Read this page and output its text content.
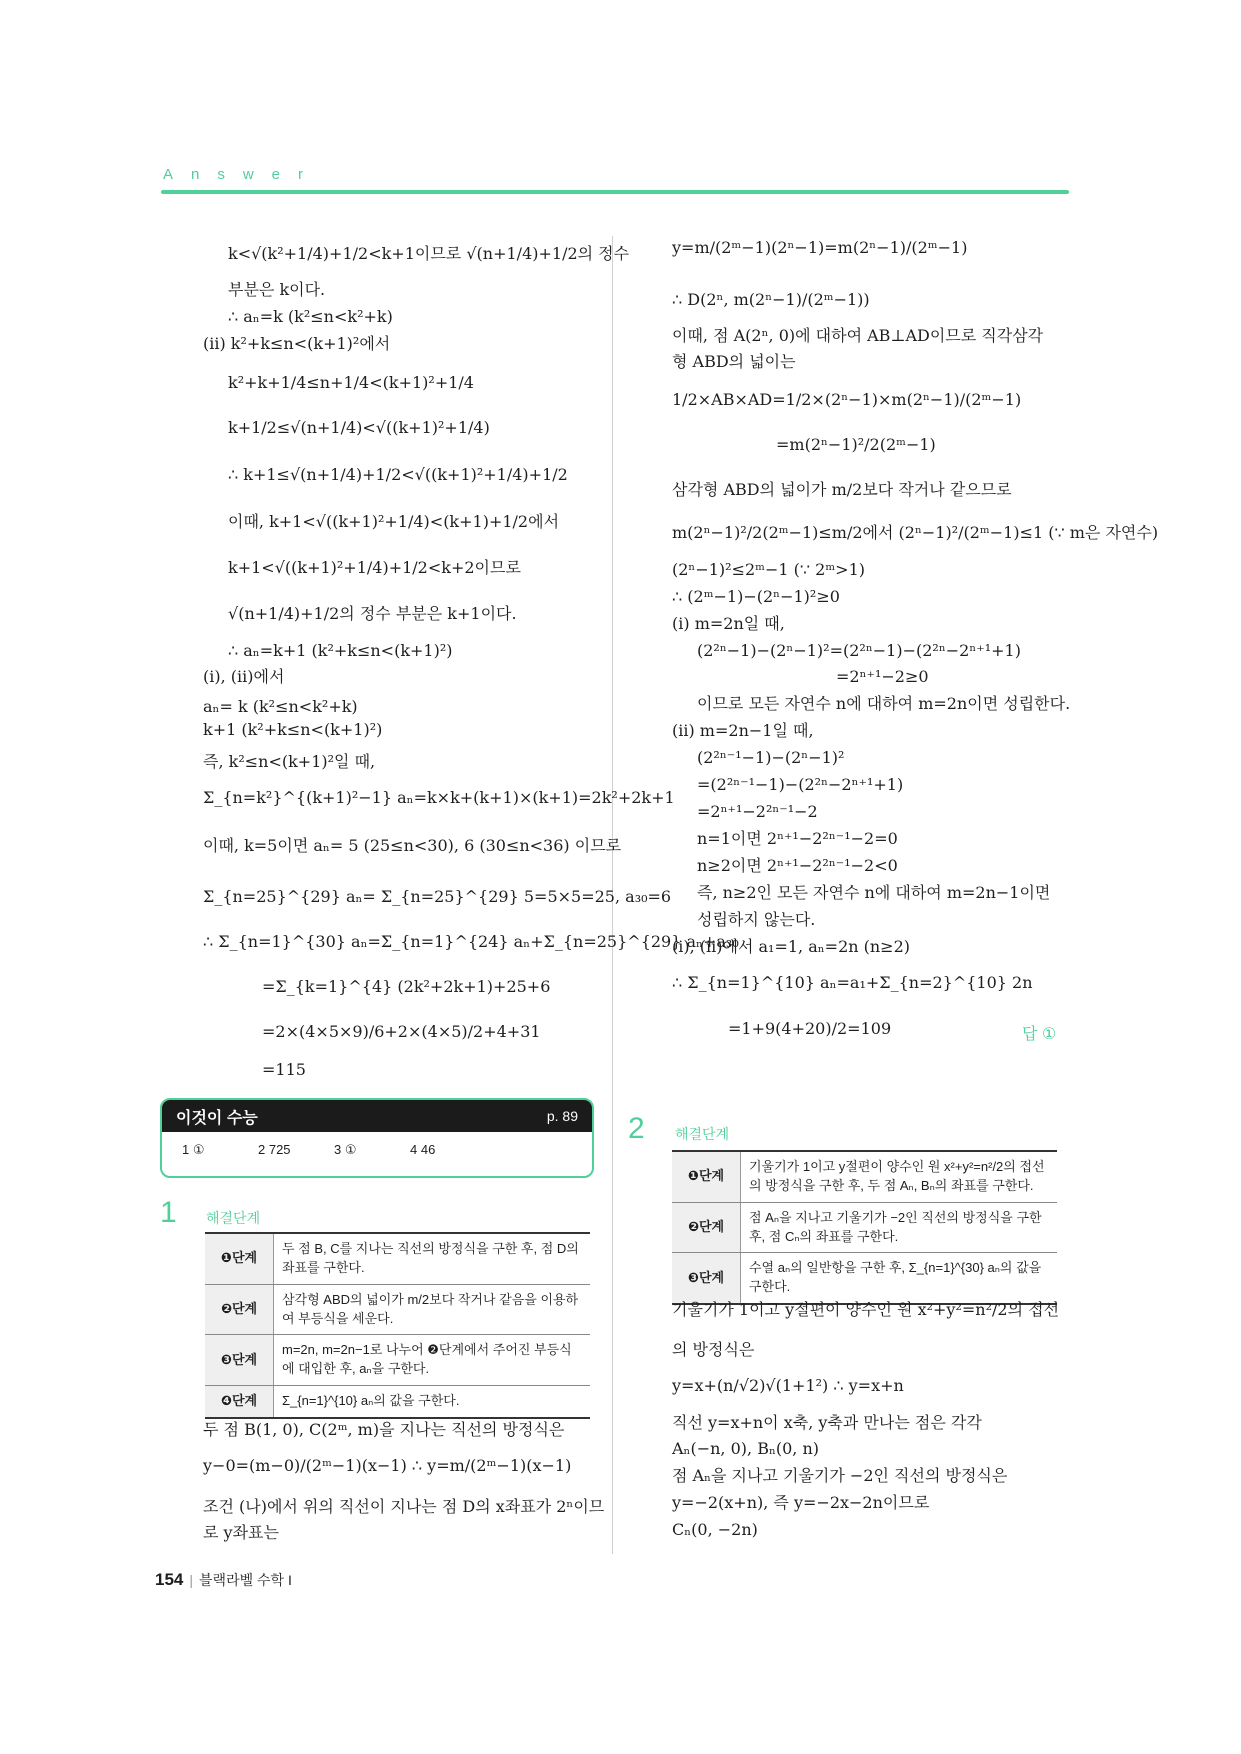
Answer
k<√(k²+1/4)+1/2<k+1이므로 √(n+1/4)+1/2의 정수
부분은 k이다.
∴ aₙ=k (k²≤n<k²+k)
(ii) k²+k≤n<(k+1)²에서
k²+k+1/4≤n+1/4<(k+1)²+1/4
k+1/2≤√(n+1/4)<√((k+1)²+1/4)
∴ k+1≤√(n+1/4)+1/2<√((k+1)²+1/4)+1/2
이때, k+1<√((k+1)²+1/4)<(k+1)+1/2에서
k+1<√((k+1)²+1/4)+1/2<k+2이므로
√(n+1/4)+1/2의 정수 부분은 k+1이다.
∴ aₙ=k+1 (k²+k≤n<(k+1)²)
(i), (ii)에서
aₙ= k (k²≤n<k²+k)
k+1 (k²+k≤n<(k+1)²)
즉, k²≤n<(k+1)²일 때,
Σ_{n=k²}^{(k+1)²−1} aₙ=k×k+(k+1)×(k+1)=2k²+2k+1
이때, k=5이면 aₙ= 5 (25≤n<30), 6 (30≤n<36) 이므로
Σ_{n=25}^{29} aₙ= Σ_{n=25}^{29} 5=5×5=25, a₃₀=6
∴ Σ_{n=1}^{30} aₙ=Σ_{n=1}^{24} aₙ+Σ_{n=25}^{29} aₙ+a₃₀
=Σ_{k=1}^{4} (2k²+2k+1)+25+6
=2×(4×5×9)/6+2×(4×5)/2+4+31
=115
이것이 수능	p. 89
1 ①	2 725	3 ①	4 46
1 해결단계
❶단계	두 점 B, C를 지나는 직선의 방정식을 구한 후, 점 D의 좌표를 구한다.
❷단계	삼각형 ABD의 넓이가 m/2보다 작거나 같음을 이용하여 부등식을 세운다.
❸단계	m=2n, m=2n−1로 나누어 ❷단계에서 주어진 부등식에 대입한 후, aₙ을 구한다.
❹단계	Σ_{n=1}^{10} aₙ의 값을 구한다.
두 점 B(1, 0), C(2ᵐ, m)을 지나는 직선의 방정식은
y−0=(m−0)/(2ᵐ−1)(x−1) ∴ y=m/(2ᵐ−1)(x−1)
조건 (나)에서 위의 직선이 지나는 점 D의 x좌표가 2ⁿ이므
로 y좌표는
y=m/(2ᵐ−1)(2ⁿ−1)=m(2ⁿ−1)/(2ᵐ−1)
∴ D(2ⁿ, m(2ⁿ−1)/(2ᵐ−1))
이때, 점 A(2ⁿ, 0)에 대하여 AB⊥AD이므로 직각삼각
형 ABD의 넓이는
1/2×AB×AD=1/2×(2ⁿ−1)×m(2ⁿ−1)/(2ᵐ−1)
=m(2ⁿ−1)²/2(2ᵐ−1)
삼각형 ABD의 넓이가 m/2보다 작거나 같으므로
m(2ⁿ−1)²/2(2ᵐ−1)≤m/2에서 (2ⁿ−1)²/(2ᵐ−1)≤1 (∵ m은 자연수)
(2ⁿ−1)²≤2ᵐ−1 (∵ 2ᵐ>1)
∴ (2ᵐ−1)−(2ⁿ−1)²≥0
(i) m=2n일 때,
(2²ⁿ−1)−(2ⁿ−1)²=(2²ⁿ−1)−(2²ⁿ−2ⁿ⁺¹+1)
=2ⁿ⁺¹−2≥0
이므로 모든 자연수 n에 대하여 m=2n이면 성립한다.
(ii) m=2n−1일 때,
(2²ⁿ⁻¹−1)−(2ⁿ−1)²
=(2²ⁿ⁻¹−1)−(2²ⁿ−2ⁿ⁺¹+1)
=2ⁿ⁺¹−2²ⁿ⁻¹−2
n=1이면 2ⁿ⁺¹−2²ⁿ⁻¹−2=0
n≥2이면 2ⁿ⁺¹−2²ⁿ⁻¹−2<0
즉, n≥2인 모든 자연수 n에 대하여 m=2n−1이면
성립하지 않는다.
(i), (ii)에서 a₁=1, aₙ=2n (n≥2)
∴ Σ_{n=1}^{10} aₙ=a₁+Σ_{n=2}^{10} 2n
=1+9(4+20)/2=109	답 ①
2 해결단계
❶단계	기울기가 1이고 y절편이 양수인 원 x²+y²=n²/2의 접선의 방정식을 구한 후, 두 점 Aₙ, Bₙ의 좌표를 구한다.
❷단계	점 Aₙ을 지나고 기울기가 −2인 직선의 방정식을 구한 후, 점 Cₙ의 좌표를 구한다.
❸단계	수열 aₙ의 일반항을 구한 후, Σ_{n=1}^{30} aₙ의 값을 구한다.
기울기가 1이고 y절편이 양수인 원 x²+y²=n²/2의 접선
의 방정식은
y=x+(n/√2)√(1+1²) ∴ y=x+n
직선 y=x+n이 x축, y축과 만나는 점은 각각
Aₙ(−n, 0), Bₙ(0, n)
점 Aₙ을 지나고 기울기가 −2인 직선의 방정식은
y=−2(x+n), 즉 y=−2x−2n이므로
Cₙ(0, −2n)
154 | 블랙라벨 수학 I
